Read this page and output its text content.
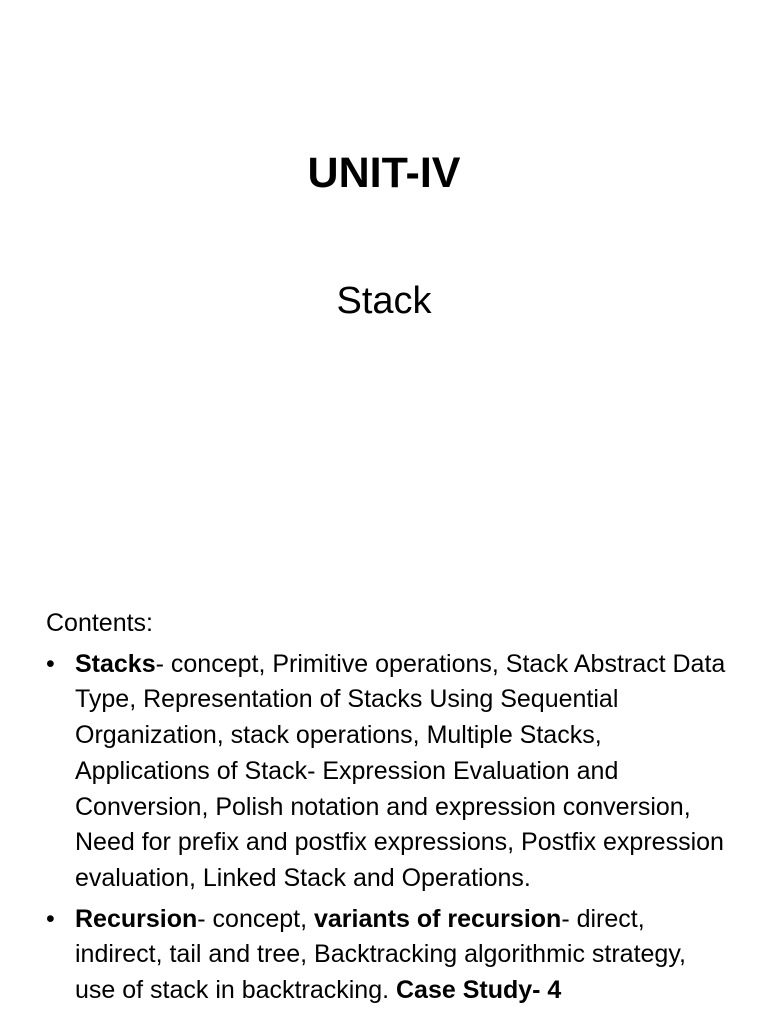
UNIT-IV
Stack

Contents:

• Stacks- concept, Primitive operations, Stack Abstract Data Type, Representation of Stacks Using Sequential Organization, stack operations, Multiple Stacks, Applications of Stack- Expression Evaluation and Conversion, Polish notation and expression conversion, Need for prefix and postfix expressions, Postfix expression evaluation, Linked Stack and Operations.
• Recursion- concept, variants of recursion- direct, indirect, tail and tree, Backtracking algorithmic strategy, use of stack in backtracking. Case Study- 4
